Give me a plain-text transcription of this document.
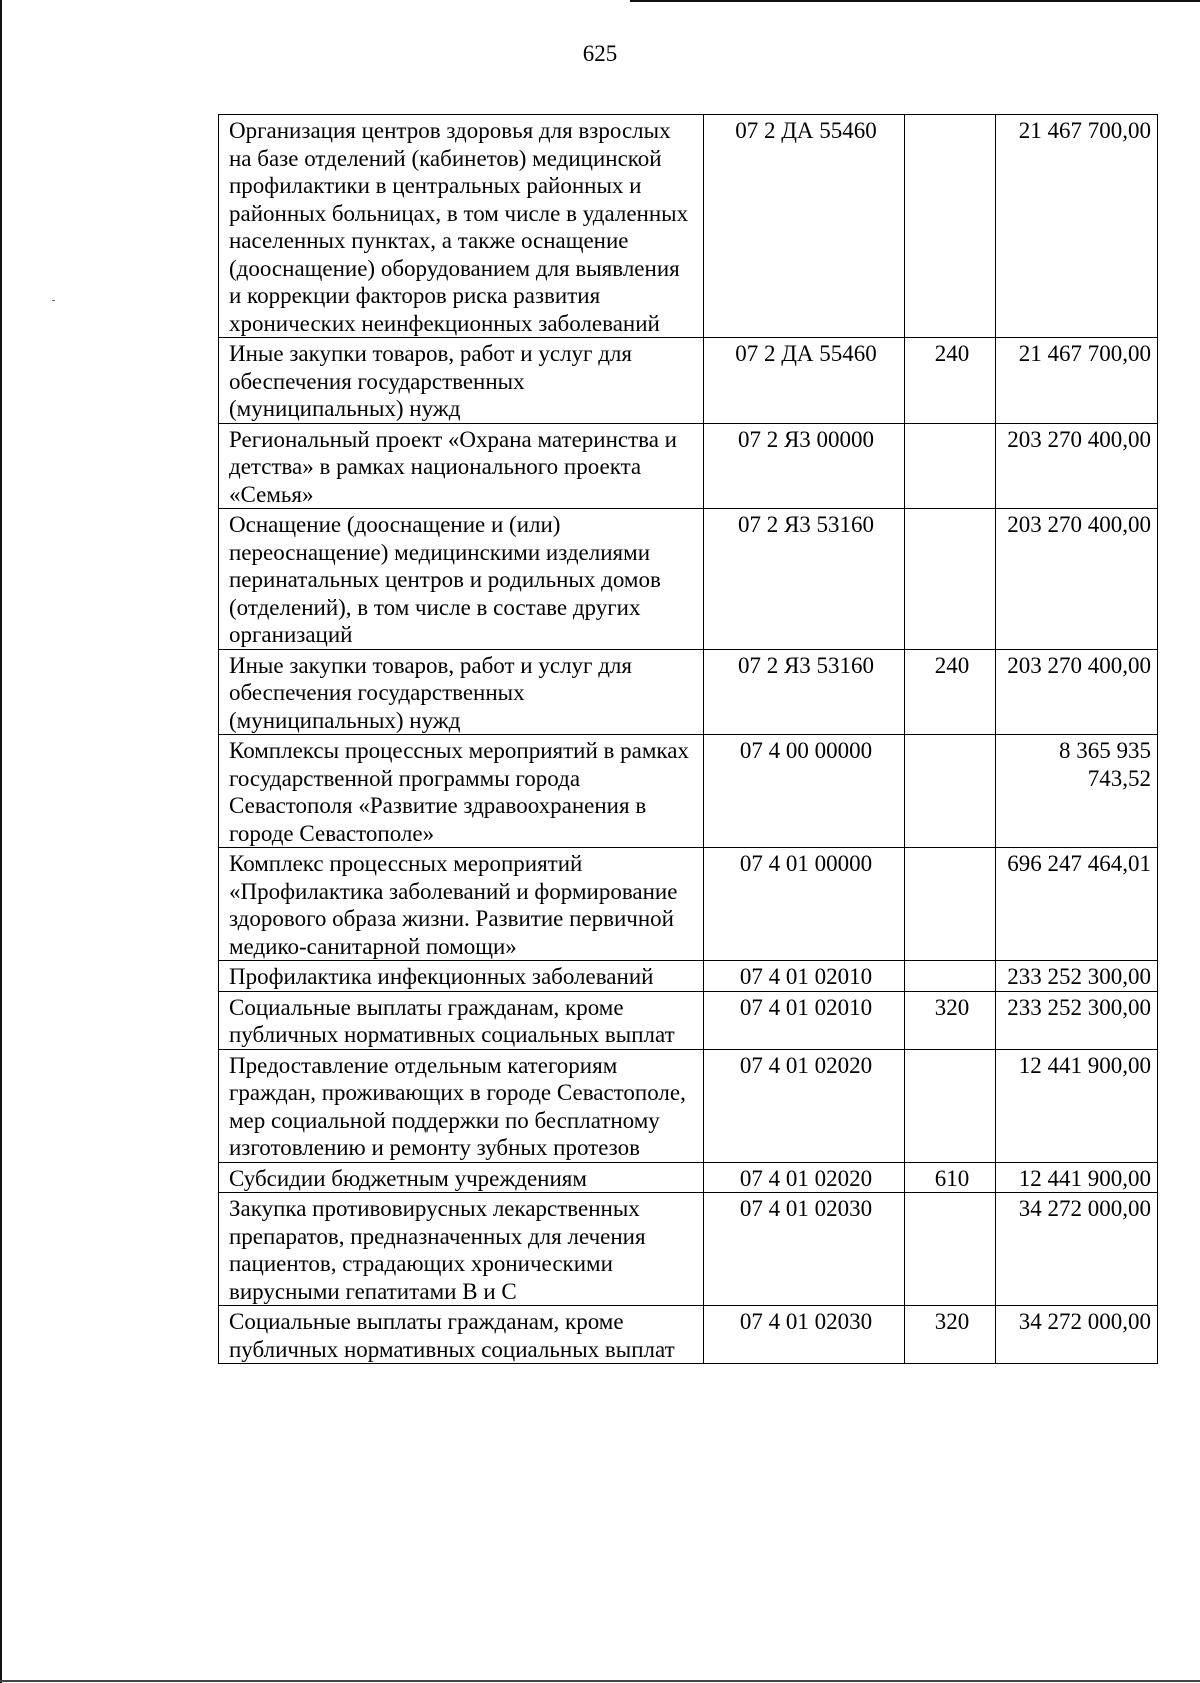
625
Организация центров здоровья для взрослых на базе отделений (кабинетов) медицинской профилактики в центральных районных и районных больницах, в том числе в удаленных населенных пунктах, а также оснащение (дооснащение) оборудованием для выявления и коррекции факторов риска развития хронических неинфекционных заболеваний	07 2 ДА 55460		21 467 700,00
Иные закупки товаров, работ и услуг для обеспечения государственных (муниципальных) нужд	07 2 ДА 55460	240	21 467 700,00
Региональный проект «Охрана материнства и детства» в рамках национального проекта «Семья»	07 2 Я3 00000		203 270 400,00
Оснащение (дооснащение и (или) переоснащение) медицинскими изделиями перинатальных центров и родильных домов (отделений), в том числе в составе других организаций	07 2 Я3 53160		203 270 400,00
Иные закупки товаров, работ и услуг для обеспечения государственных (муниципальных) нужд	07 2 Я3 53160	240	203 270 400,00
Комплексы процессных мероприятий в рамках государственной программы города Севастополя «Развитие здравоохранения в городе Севастополе»	07 4 00 00000		8 365 935 743,52
Комплекс процессных мероприятий «Профилактика заболеваний и формирование здорового образа жизни. Развитие первичной медико-санитарной помощи»	07 4 01 00000		696 247 464,01
Профилактика инфекционных заболеваний	07 4 01 02010		233 252 300,00
Социальные выплаты гражданам, кроме публичных нормативных социальных выплат	07 4 01 02010	320	233 252 300,00
Предоставление отдельным категориям граждан, проживающих в городе Севастополе, мер социальной поддержки по бесплатному изготовлению и ремонту зубных протезов	07 4 01 02020		12 441 900,00
Субсидии бюджетным учреждениям	07 4 01 02020	610	12 441 900,00
Закупка противовирусных лекарственных препаратов, предназначенных для лечения пациентов, страдающих хроническими вирусными гепатитами B и C	07 4 01 02030		34 272 000,00
Социальные выплаты гражданам, кроме публичных нормативных социальных выплат	07 4 01 02030	320	34 272 000,00
